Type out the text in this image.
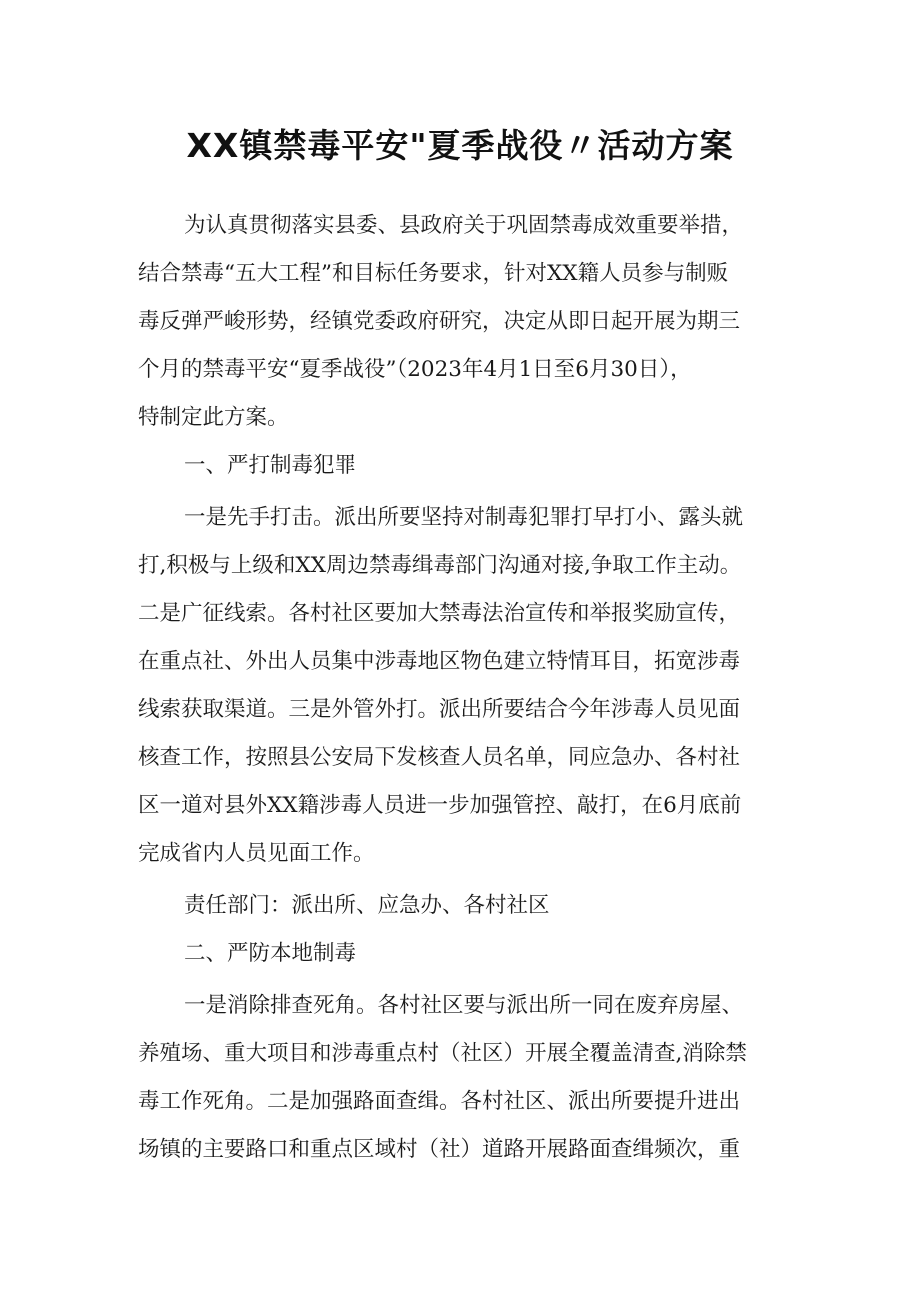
XX镇禁毒平安"夏季战役〃活动方案
为认真贯彻落实县委、县政府关于巩固禁毒成效重要举措，
结合禁毒“五大工程”和目标任务要求，针对XX籍人员参与制贩
毒反弹严峻形势，经镇党委政府研究，决定从即日起开展为期三
个月的禁毒平安“夏季战役”（2023年4月1日至6月30日），
特制定此方案。
一、严打制毒犯罪
一是先手打击。派出所要坚持对制毒犯罪打早打小、露头就
打,积极与上级和XX周边禁毒缉毒部门沟通对接,争取工作主动。
二是广征线索。各村社区要加大禁毒法治宣传和举报奖励宣传，
在重点社、外出人员集中涉毒地区物色建立特情耳目，拓宽涉毒
线索获取渠道。三是外管外打。派出所要结合今年涉毒人员见面
核查工作，按照县公安局下发核查人员名单，同应急办、各村社
区一道对县外XX籍涉毒人员进一步加强管控、敲打，在6月底前
完成省内人员见面工作。
责任部门：派出所、应急办、各村社区
二、严防本地制毒
一是消除排查死角。各村社区要与派出所一同在废弃房屋、
养殖场、重大项目和涉毒重点村（社区）开展全覆盖清查,消除禁
毒工作死角。二是加强路面查缉。各村社区、派出所要提升进出
场镇的主要路口和重点区域村（社）道路开展路面查缉频次，重
